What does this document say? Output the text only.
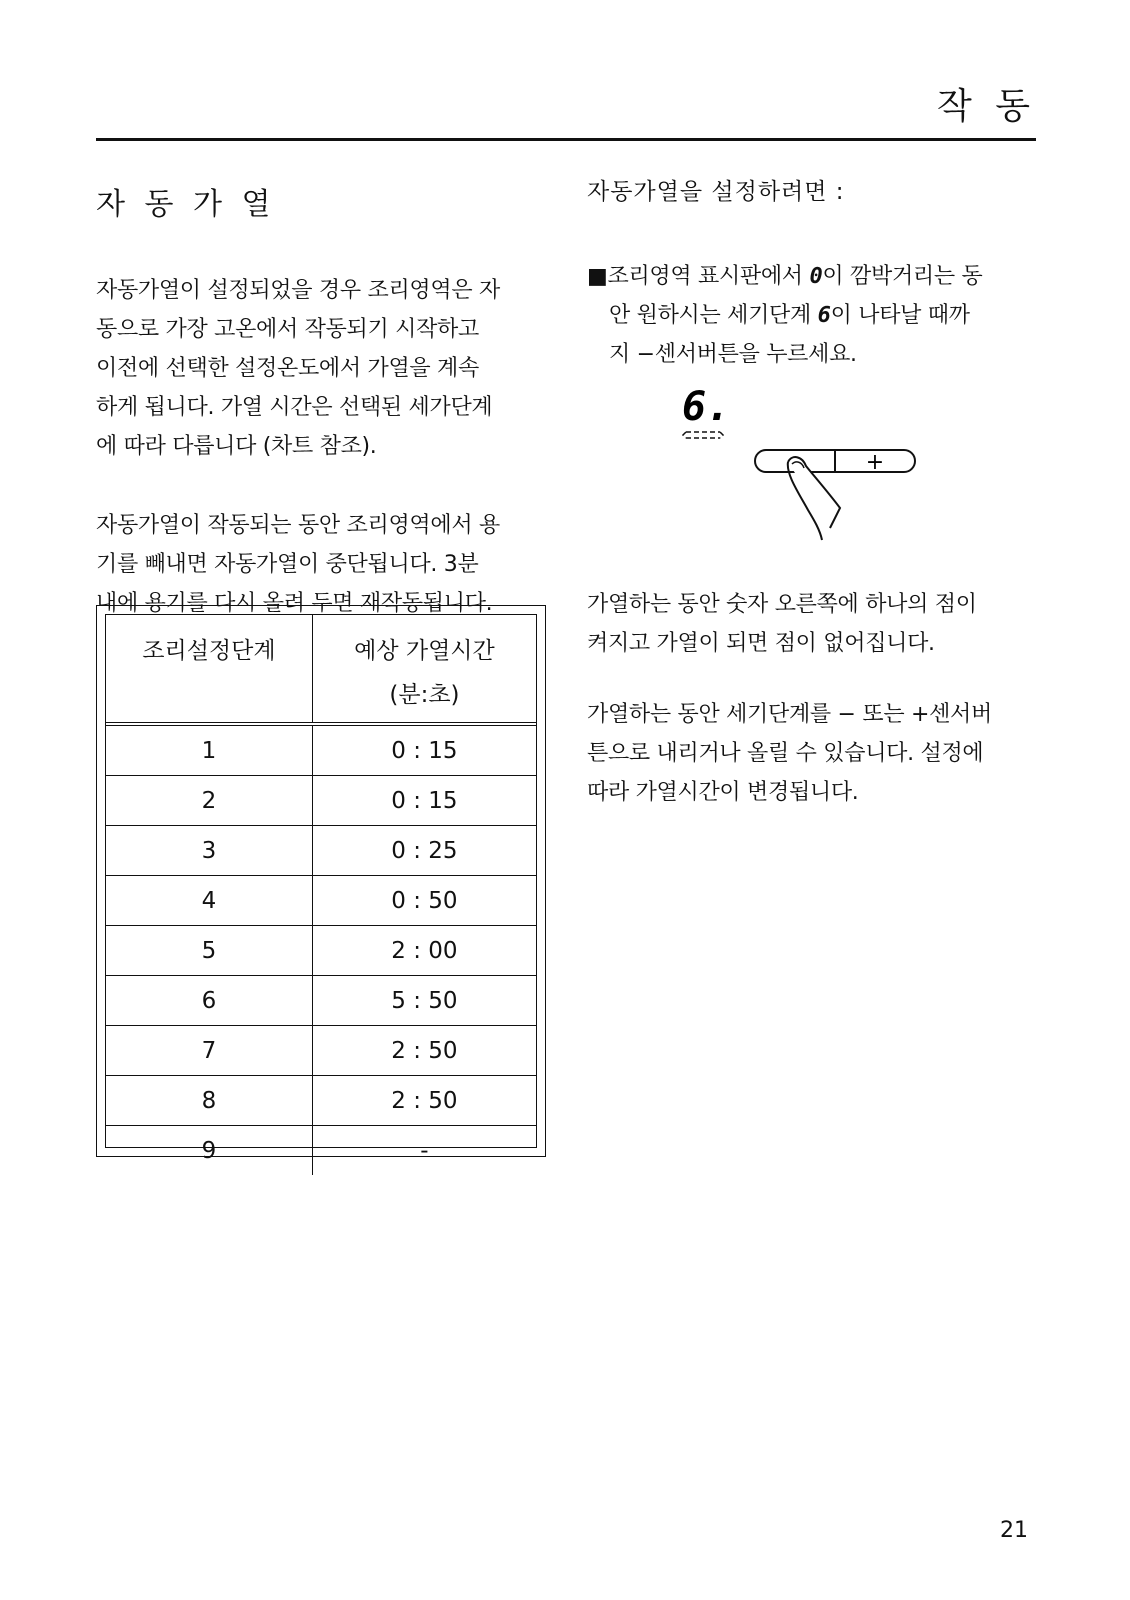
작 동
자 동 가 열

자동가열이 설정되었을 경우 조리영역은 자
동으로 가장 고온에서 작동되기 시작하고
이전에 선택한 설정온도에서 가열을 계속
하게 됩니다. 가열 시간은 선택된 세가단계
에 따라 다릅니다 (차트 참조).

자동가열이 작동되는 동안 조리영역에서 용
기를 빼내면 자동가열이 중단됩니다. 3분
내에 용기를 다시 올려 두면 재작동됩니다.

조리설정단계	예상 가열시간
(분:초)
1	0 : 15
2	0 : 15
3	0 : 25
4	0 : 50
5	2 : 00
6	5 : 50
7	2 : 50
8	2 : 50
9	-

자동가열을 설정하려면 :

■조리영역 표시판에서 0이 깜박거리는 동
안 원하시는 세기단계 6이 나타날 때까
지 −센서버튼을 누르세요.
6.
+

가열하는 동안 숫자 오른쪽에 하나의 점이
켜지고 가열이 되면 점이 없어집니다.

가열하는 동안 세기단계를 − 또는 +센서버
튼으로 내리거나 올릴 수 있습니다. 설정에
따라 가열시간이 변경됩니다.

21
